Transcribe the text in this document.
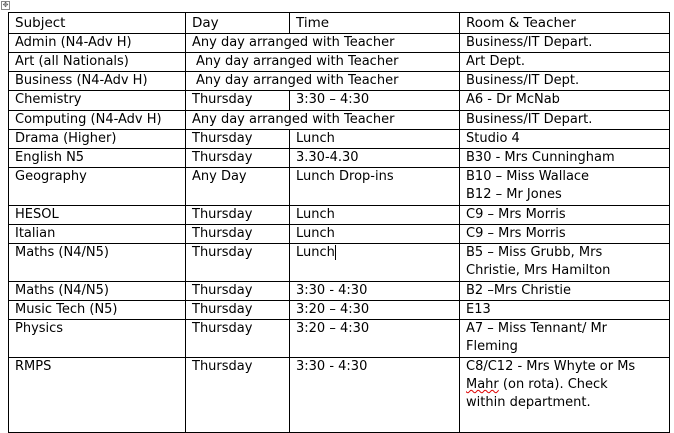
✥
Subject	Day	Time	Room & Teacher
Admin (N4-Adv H)	Any day arranged with Teacher		Business/IT Depart.
Art (all Nationals)	Any day arranged with Teacher		Art Dept.
Business (N4-Adv H)	Any day arranged with Teacher		Business/IT Dept.
Chemistry	Thursday	3:30 – 4:30	A6 - Dr McNab
Computing (N4-Adv H)	Any day arranged with Teacher		Business/IT Depart.
Drama (Higher)	Thursday	Lunch	Studio 4
English N5	Thursday	3.30-4.30	B30 - Mrs Cunningham
Geography	Any Day	Lunch Drop-ins	B10 – Miss Wallace
B12 – Mr Jones

HESOL	Thursday	Lunch	C9 – Mrs Morris
Italian	Thursday	Lunch	C9 – Mrs Morris
Maths (N4/N5)	Thursday	Lunch	B5 – Miss Grubb, Mrs
Christie, Mrs Hamilton

Maths (N4/N5)	Thursday	3:30 - 4:30	B2 –Mrs Christie
Music Tech (N5)	Thursday	3:20 – 4:30	E13
Physics	Thursday	3:20 – 4:30	A7 – Miss Tennant/ Mr
Fleming

RMPS	Thursday	3:30 - 4:30	C8/C12 - Mrs Whyte or Ms
Mahr (on rota). Check
within department.
